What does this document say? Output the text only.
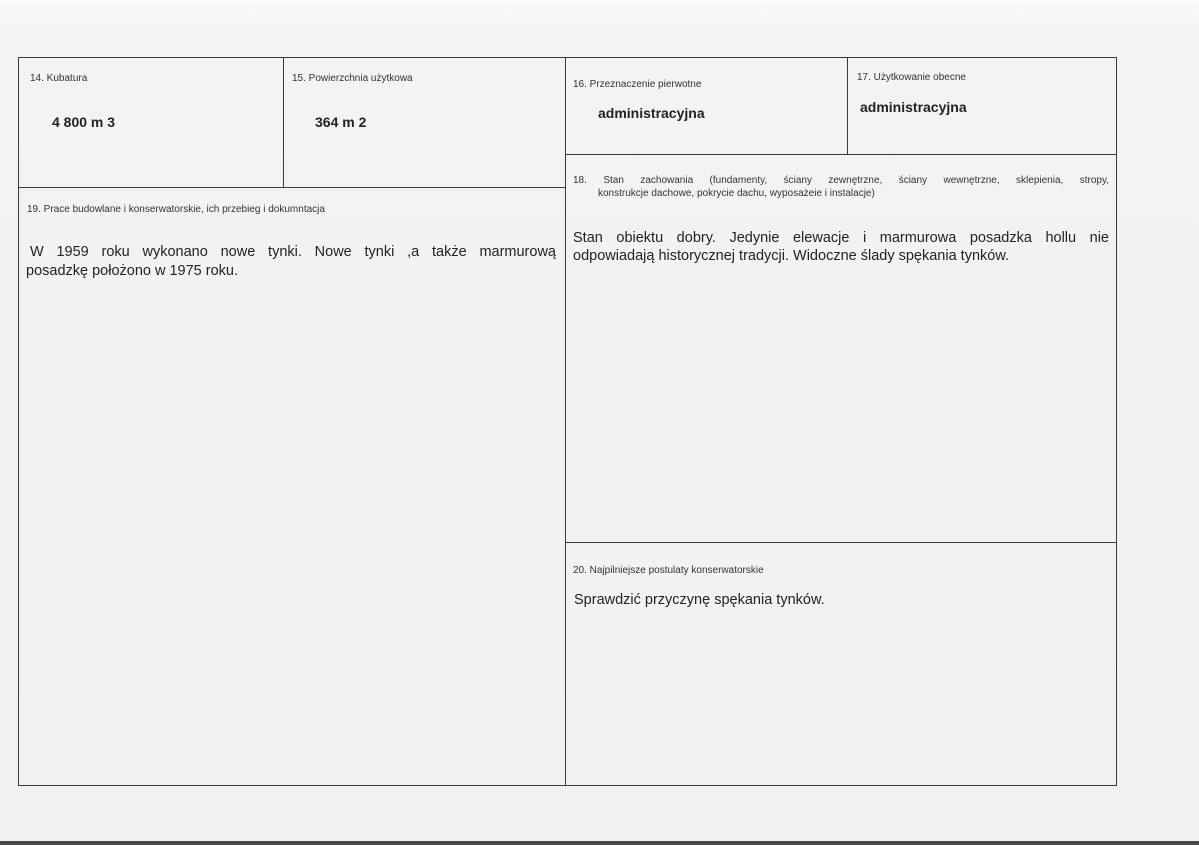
14. Kubatura
4 800 m 3
15. Powierzchnia użytkowa
364 m 2
16. Przeznaczenie pierwotne
administracyjna
17. Użytkowanie obecne
administracyjna
18. Stan zachowania (fundamenty, ściany zewnętrzne, ściany wewnętrzne, sklepienia, stropy,
konstrukcje dachowe, pokrycie dachu, wyposażeie i instalacje)
Stan obiektu dobry. Jedynie elewacje i marmurowa posadzka hollu nie
odpowiadają historycznej tradycji. Widoczne ślady spękania tynków.
19. Prace budowlane i konserwatorskie, ich przebieg i dokumntacja
W 1959 roku wykonano nowe tynki. Nowe tynki ,a także marmurową
posadzkę położono w 1975 roku.
20. Najpilniejsze postulaty konserwatorskie
Sprawdzić przyczynę spękania tynków.
